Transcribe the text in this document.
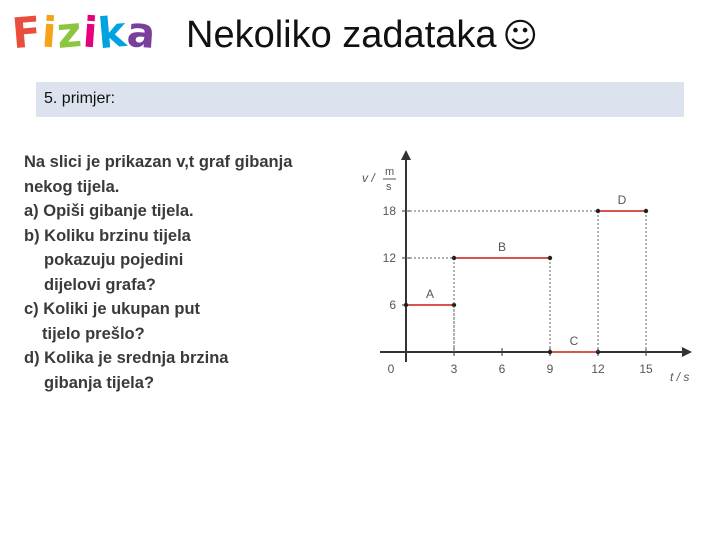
Fizika Nekoliko zadataka ☺
5. primjer:
Na slici je prikazan v,t graf gibanja
nekog tijela.
a) Opiši gibanje tijela.
b) Koliku brzinu tijela
pokazuju pojedini
dijelovi grafa?
c) Koliki je ukupan put
tijelo prešlo?
d) Kolika je srednja brzina
gibanja tijela?
v / m
s
t / s
0	3	6	9	12	15
6
12
18
A
B
C
D
